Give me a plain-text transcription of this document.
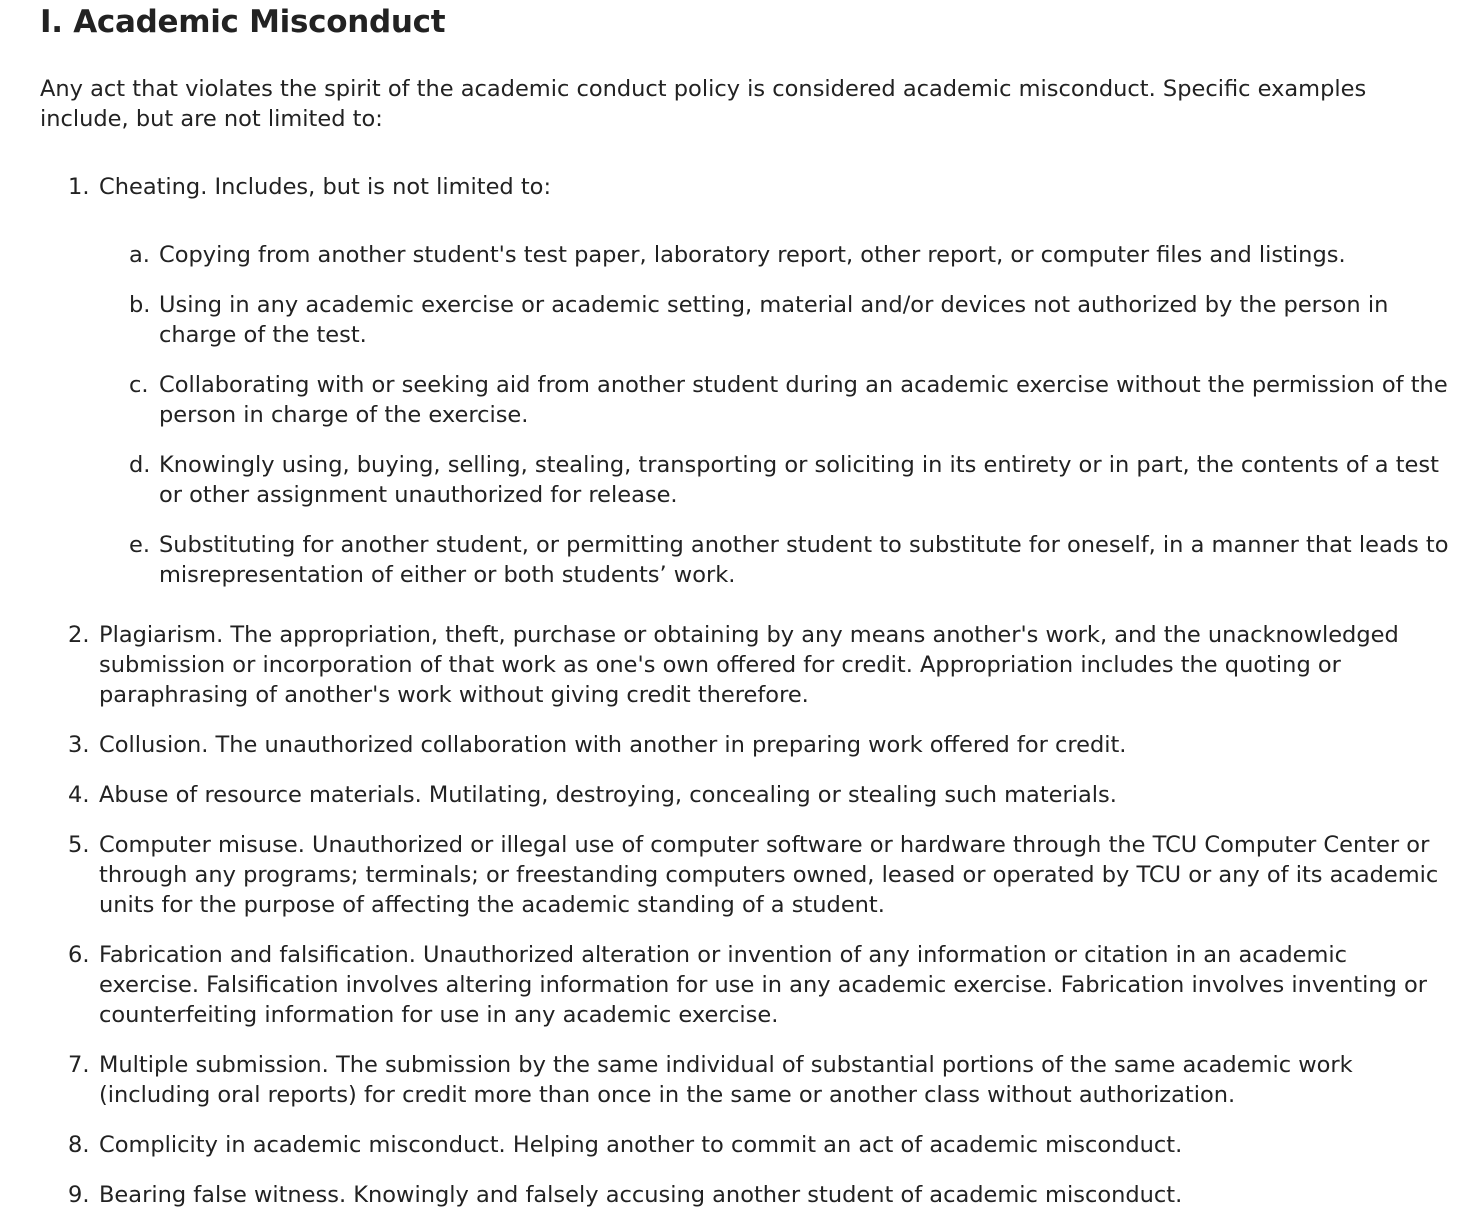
I. Academic Misconduct

Any act that violates the spirit of the academic conduct policy is considered academic misconduct. Specific examples include, but are not limited to:

1. Cheating. Includes, but is not limited to:
a. Copying from another student's test paper, laboratory report, other report, or computer files and listings.
b. Using in any academic exercise or academic setting, material and/or devices not authorized by the person in charge of the test.
c. Collaborating with or seeking aid from another student during an academic exercise without the permission of the person in charge of the exercise.
d. Knowingly using, buying, selling, stealing, transporting or soliciting in its entirety or in part, the contents of a test or other assignment unauthorized for release.
e. Substituting for another student, or permitting another student to substitute for oneself, in a manner that leads to misrepresentation of either or both students’ work.
2. Plagiarism. The appropriation, theft, purchase or obtaining by any means another's work, and the unacknowledged submission or incorporation of that work as one's own offered for credit. Appropriation includes the quoting or paraphrasing of another's work without giving credit therefore.
3. Collusion. The unauthorized collaboration with another in preparing work offered for credit.
4. Abuse of resource materials. Mutilating, destroying, concealing or stealing such materials.
5. Computer misuse. Unauthorized or illegal use of computer software or hardware through the TCU Computer Center or through any programs; terminals; or freestanding computers owned, leased or operated by TCU or any of its academic units for the purpose of affecting the academic standing of a student.
6. Fabrication and falsification. Unauthorized alteration or invention of any information or citation in an academic exercise. Falsification involves altering information for use in any academic exercise. Fabrication involves inventing or counterfeiting information for use in any academic exercise.
7. Multiple submission. The submission by the same individual of substantial portions of the same academic work (including oral reports) for credit more than once in the same or another class without authorization.
8. Complicity in academic misconduct. Helping another to commit an act of academic misconduct.
9. Bearing false witness. Knowingly and falsely accusing another student of academic misconduct.
